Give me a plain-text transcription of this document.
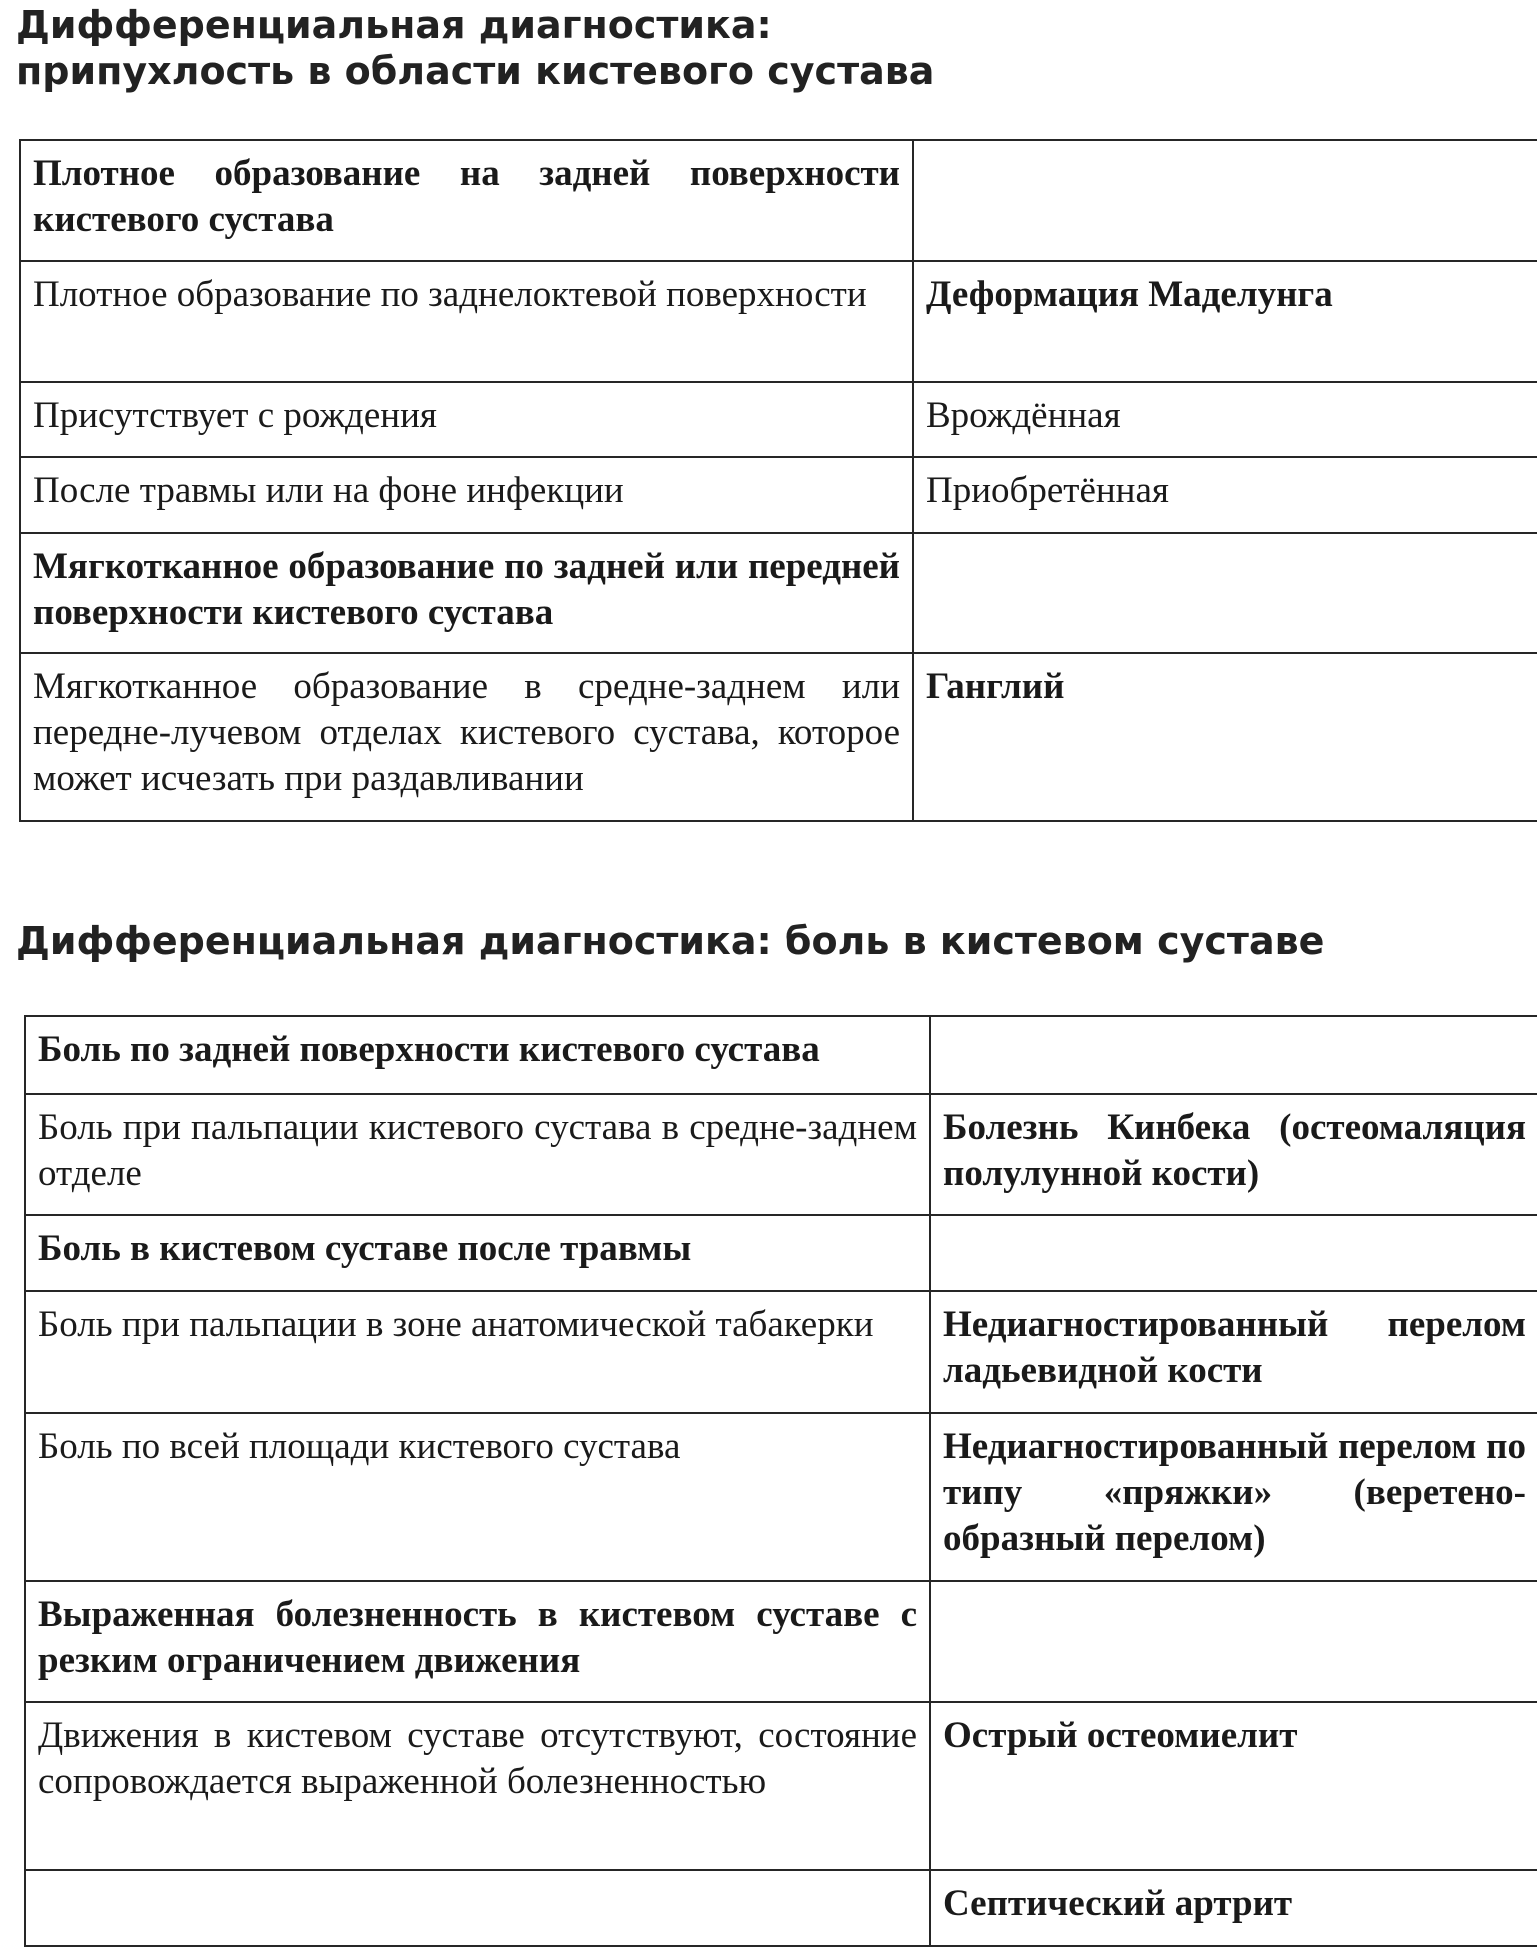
Дифференциальная диагностика:
припухлость в области кистевого сустава
Плотное образование на задней поверхности кистевого сустава	
Плотное образование по заднелоктевой поверхности	Деформация Маделунга
Присутствует с рождения	Врождённая
После травмы или на фоне инфекции	Приобретённая
Мягкотканное образование по задней или передней поверхности кистевого сустава	
Мягкотканное образование в средне-заднем или передне-лучевом отделах кистевого сустава, которое может исчезать при раздавливании	Ганглий
Дифференциальная диагностика: боль в кистевом суставе
Боль по задней поверхности кистевого сустава	
Боль при пальпации кистевого сустава в средне-заднем отделе	Болезнь Кинбека (остеомаляция полулунной кости)
Боль в кистевом суставе после травмы	
Боль при пальпации в зоне анатомической табакерки	Недиагностированный перелом ладьевидной кости
Боль по всей площади кистевого сустава	Недиагностированный перелом по типу «пряжки» (веретенообразный перелом)
Выраженная болезненность в кистевом суставе с резким ограничением движения	
Движения в кистевом суставе отсутствуют, состояние сопровождается выраженной болезненностью	Острый остеомиелит
	Септический артрит
